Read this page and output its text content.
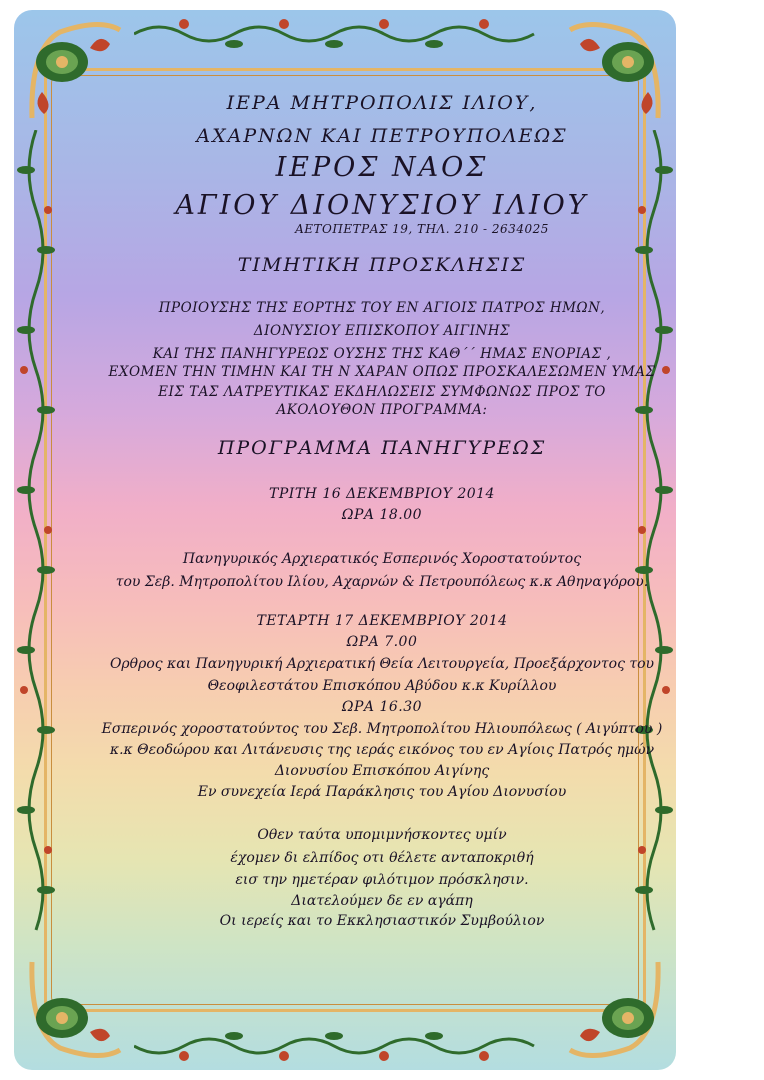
ΙΕΡΑ ΜΗΤΡΟΠΟΛΙΣ ΙΛΙΟΥ,
ΑΧΑΡΝΩΝ ΚΑΙ ΠΕΤΡΟΥΠΟΛΕΩΣ
ΙΕΡΟΣ ΝΑΟΣ
ΑΓΙΟΥ ΔΙΟΝΥΣΙΟΥ ΙΛΙΟΥ
ΑΕΤΟΠΕΤΡΑΣ 19, ΤΗΛ. 210 - 2634025
ΤΙΜΗΤΙΚΗ ΠΡΟΣΚΛΗΣΙΣ
ΠΡΟΙΟΥΣΗΣ ΤΗΣ ΕΟΡΤΗΣ ΤΟΥ ΕΝ ΑΓΙΟΙΣ ΠΑΤΡΟΣ ΗΜΩΝ,
ΔΙΟΝΥΣΙΟΥ ΕΠΙΣΚΟΠΟΥ ΑΙΓΙΝΗΣ
ΚΑΙ ΤΗΣ ΠΑΝΗΓΥΡΕΩΣ ΟΥΣΗΣ ΤΗΣ ΚΑΘ΄΄ ΗΜΑΣ ΕΝΟΡΙΑΣ ,
ΕΧΟΜΕΝ ΤΗΝ ΤΙΜΗΝ ΚΑΙ ΤΗ Ν ΧΑΡΑΝ ΟΠΩΣ ΠΡΟΣΚΑΛΕΣΩΜΕΝ ΥΜΑΣ
ΕΙΣ ΤΑΣ ΛΑΤΡΕΥΤΙΚΑΣ ΕΚΔΗΛΩΣΕΙΣ ΣΥΜΦΩΝΩΣ ΠΡΟΣ ΤΟ
ΑΚΟΛΟΥΘΟΝ ΠΡΟΓΡΑΜΜΑ:
ΠΡΟΓΡΑΜΜΑ ΠΑΝΗΓΥΡΕΩΣ
ΤΡΙΤΗ 16 ΔΕΚΕΜΒΡΙΟΥ 2014
ΩΡΑ 18.00
Πανηγυρικός Αρχιερατικός Εσπερινός Χοροστατούντος
του Σεβ. Μητροπολίτου Ιλίου, Αχαρνών & Πετρουπόλεως κ.κ Αθηναγόρου.
ΤΕΤΑΡΤΗ 17 ΔΕΚΕΜΒΡΙΟΥ 2014
ΩΡΑ 7.00
Ορθρος και Πανηγυρική Αρχιερατική Θεία Λειτουργεία, Προεξάρχοντος του
Θεοφιλεστάτου Επισκόπου Αβύδου κ.κ Κυρίλλου
ΩΡΑ 16.30
Εσπερινός χοροστατούντος του Σεβ. Μητροπολίτου Ηλιουπόλεως ( Αιγύπτου )
κ.κ Θεοδώρου και Λιτάνευσις της ιεράς εικόνος του εν Αγίοις Πατρός ημών
Διονυσίου Επισκόπου Αιγίνης
Εν συνεχεία Ιερά Παράκλησις του Αγίου Διονυσίου
Οθεν ταύτα υπομιμνήσκοντες υμίν
έχομεν δι ελπίδος οτι θέλετε ανταποκριθή
εισ την ημετέραν φιλότιμον πρόσκλησιν.
Διατελούμεν δε εν αγάπη
Οι ιερείς και το Εκκλησιαστικόν Συμβούλιον
